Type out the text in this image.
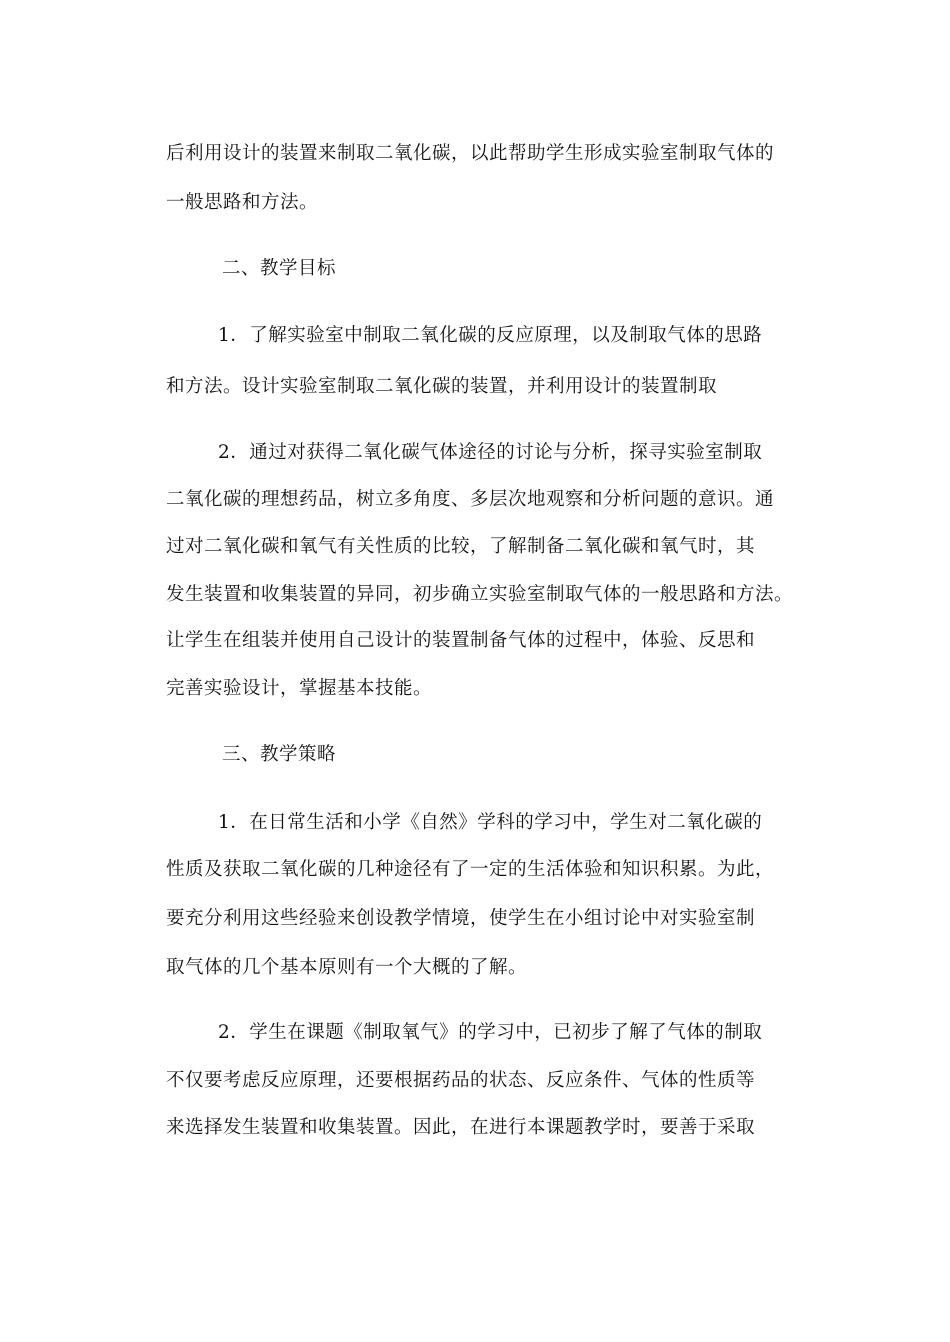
后利用设计的装置来制取二氧化碳，以此帮助学生形成实验室制取气体的
一般思路和方法。
二、教学目标
1．了解实验室中制取二氧化碳的反应原理，以及制取气体的思路
和方法。设计实验室制取二氧化碳的装置，并利用设计的装置制取
2．通过对获得二氧化碳气体途径的讨论与分析，探寻实验室制取
二氧化碳的理想药品，树立多角度、多层次地观察和分析问题的意识。通
过对二氧化碳和氧气有关性质的比较，了解制备二氧化碳和氧气时，其
发生装置和收集装置的异同，初步确立实验室制取气体的一般思路和方法。
让学生在组装并使用自己设计的装置制备气体的过程中，体验、反思和
完善实验设计，掌握基本技能。
三、教学策略
1．在日常生活和小学《自然》学科的学习中，学生对二氧化碳的
性质及获取二氧化碳的几种途径有了一定的生活体验和知识积累。为此，
要充分利用这些经验来创设教学情境，使学生在小组讨论中对实验室制
取气体的几个基本原则有一个大概的了解。
2．学生在课题《制取氧气》的学习中，已初步了解了气体的制取
不仅要考虑反应原理，还要根据药品的状态、反应条件、气体的性质等
来选择发生装置和收集装置。因此，在进行本课题教学时，要善于采取
